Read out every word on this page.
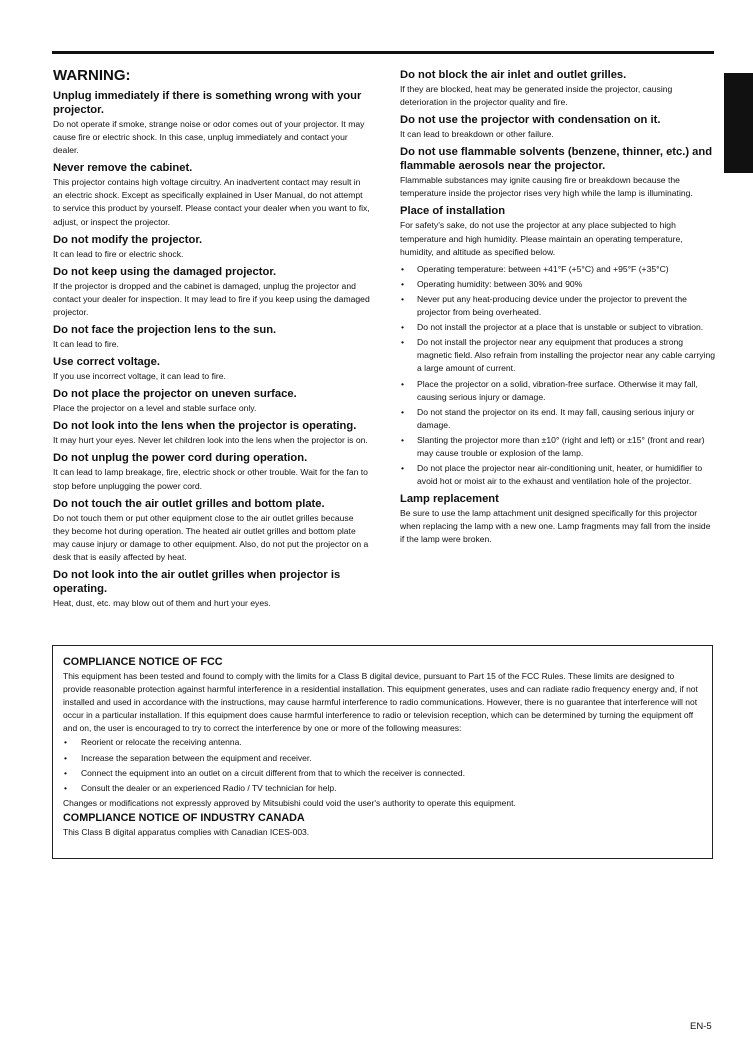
ENGLISH
WARNING:
Unplug immediately if there is something wrong with your projector.
Do not operate if smoke, strange noise or odor comes out of your projector. It may cause fire or electric shock. In this case, unplug immediately and contact your dealer.
Never remove the cabinet.
This projector contains high voltage circuitry. An inadvertent contact may result in an electric shock. Except as specifically explained in User Manual, do not attempt to service this product by yourself. Please contact your dealer when you want to fix, adjust, or inspect the projector.
Do not modify the projector.
It can lead to fire or electric shock.
Do not keep using the damaged projector.
If the projector is dropped and the cabinet is damaged, unplug the projector and contact your dealer for inspection. It may lead to fire if you keep using the damaged projector.
Do not face the projection lens to the sun.
It can lead to fire.
Use correct voltage.
If you use incorrect voltage, it can lead to fire.
Do not place the projector on uneven surface.
Place the projector on a level and stable surface only.
Do not look into the lens when the projector is operating.
It may hurt your eyes. Never let children look into the lens when the projector is on.
Do not unplug the power cord during operation.
It can lead to lamp breakage, fire, electric shock or other trouble. Wait for the fan to stop before unplugging the power cord.
Do not touch the air outlet grilles and bottom plate.
Do not touch them or put other equipment close to the air outlet grilles because they become hot during operation. The heated air outlet grilles and bottom plate may cause injury or damage to other equipment. Also, do not put the projector on a desk that is easily affected by heat.
Do not look into the air outlet grilles when projector is operating.
Heat, dust, etc. may blow out of them and hurt your eyes.
Do not block the air inlet and outlet grilles.
If they are blocked, heat may be generated inside the projector, causing deterioration in the projector quality and fire.
Do not use the projector with condensation on it.
It can lead to breakdown or other failure.
Do not use flammable solvents (benzene, thinner, etc.) and flammable aerosols near the projector.
Flammable substances may ignite causing fire or breakdown because the temperature inside the projector rises very high while the lamp is illuminating.
Place of installation
For safety's sake, do not use the projector at any place subjected to high temperature and high humidity. Please maintain an operating temperature, humidity, and altitude as specified below.
• Operating temperature: between +41°F (+5°C) and +95°F (+35°C)
• Operating humidity: between 30% and 90%
• Never put any heat-producing device under the projector to prevent the projector from being overheated.
• Do not install the projector at a place that is unstable or subject to vibration.
• Do not install the projector near any equipment that produces a strong magnetic field. Also refrain from installing the projector near any cable carrying a large amount of current.
• Place the projector on a solid, vibration-free surface. Otherwise it may fall, causing serious injury or damage.
• Do not stand the projector on its end. It may fall, causing serious injury or damage.
• Slanting the projector more than ±10° (right and left) or ±15° (front and rear) may cause trouble or explosion of the lamp.
• Do not place the projector near air-conditioning unit, heater, or humidifier to avoid hot or moist air to the exhaust and ventilation hole of the projector.
Lamp replacement
Be sure to use the lamp attachment unit designed specifically for this projector when replacing the lamp with a new one. Lamp fragments may fall from the inside if the lamp were broken.
COMPLIANCE NOTICE OF FCC
This equipment has been tested and found to comply with the limits for a Class B digital device, pursuant to Part 15 of the FCC Rules. These limits are designed to provide reasonable protection against harmful interference in a residential installation. This equipment generates, uses and can radiate radio frequency energy and, if not installed and used in accordance with the instructions, may cause harmful interference to radio communications. However, there is no guarantee that interference will not occur in a particular installation. If this equipment does cause harmful interference to radio or television reception, which can be determined by turning the equipment off and on, the user is encouraged to try to correct the interference by one or more of the following measures:
• Reorient or relocate the receiving antenna.
• Increase the separation between the equipment and receiver.
• Connect the equipment into an outlet on a circuit different from that to which the receiver is connected.
• Consult the dealer or an experienced Radio / TV technician for help.
Changes or modifications not expressly approved by Mitsubishi could void the user's authority to operate this equipment.
COMPLIANCE NOTICE OF INDUSTRY CANADA
This Class B digital apparatus complies with Canadian ICES-003.
EN-5
